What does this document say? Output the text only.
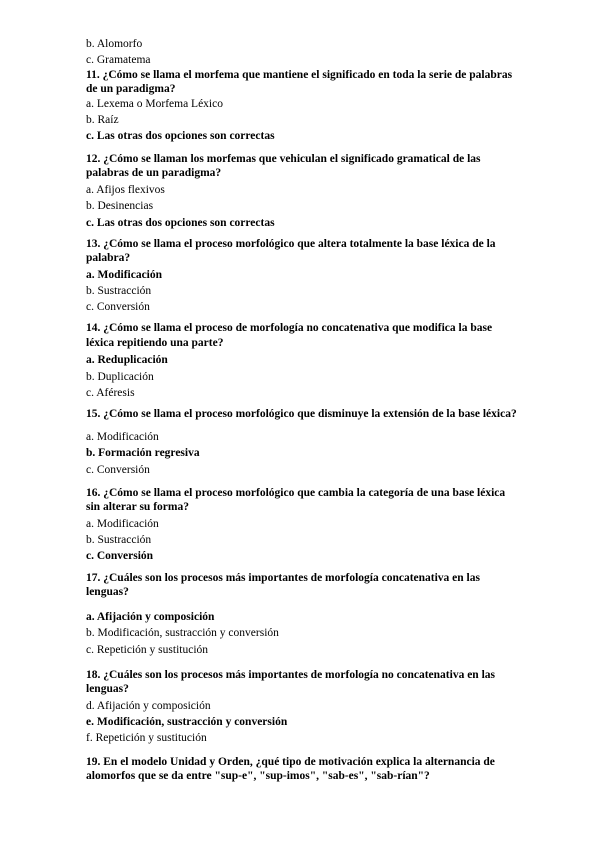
b. Alomorfo
c. Gramatema
11. ¿Cómo se llama el morfema que mantiene el significado en toda la serie de palabras
de un paradigma?
a. Lexema o Morfema Léxico
b. Raíz
c. Las otras dos opciones son correctas
12. ¿Cómo se llaman los morfemas que vehiculan el significado gramatical de las
palabras de un paradigma?
a. Afijos flexivos
b. Desinencias
c. Las otras dos opciones son correctas
13. ¿Cómo se llama el proceso morfológico que altera totalmente la base léxica de la
palabra?
a. Modificación
b. Sustracción
c. Conversión
14. ¿Cómo se llama el proceso de morfología no concatenativa que modifica la base
léxica repitiendo una parte?
a. Reduplicación
b. Duplicación
c. Aféresis
15. ¿Cómo se llama el proceso morfológico que disminuye la extensión de la base léxica?
a. Modificación
b. Formación regresiva
c. Conversión
16. ¿Cómo se llama el proceso morfológico que cambia la categoría de una base léxica
sin alterar su forma?
a. Modificación
b. Sustracción
c. Conversión
17. ¿Cuáles son los procesos más importantes de morfología concatenativa en las
lenguas?
a. Afijación y composición
b. Modificación, sustracción y conversión
c. Repetición y sustitución
18. ¿Cuáles son los procesos más importantes de morfología no concatenativa en las
lenguas?
d. Afijación y composición
e. Modificación, sustracción y conversión
f. Repetición y sustitución
19. En el modelo Unidad y Orden, ¿qué tipo de motivación explica la alternancia de
alomorfos que se da entre "sup-e", "sup-imos", "sab-es", "sab-rían"?
